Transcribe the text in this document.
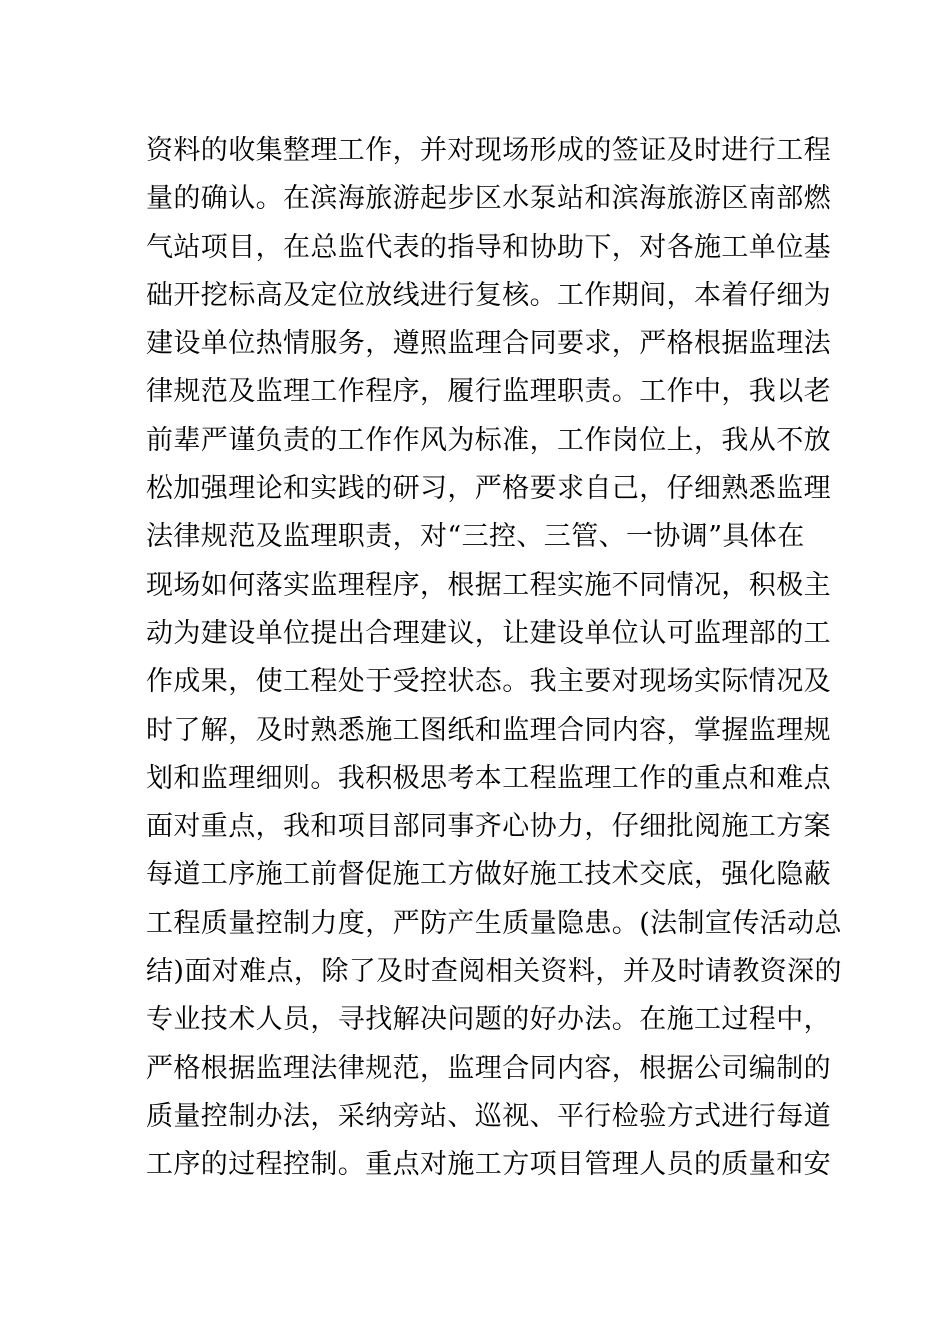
资料的收集整理工作，并对现场形成的签证及时进行工程
量的确认。在滨海旅游起步区水泵站和滨海旅游区南部燃
气站项目，在总监代表的指导和协助下，对各施工单位基
础开挖标高及定位放线进行复核。工作期间，本着仔细为
建设单位热情服务，遵照监理合同要求，严格根据监理法
律规范及监理工作程序，履行监理职责。工作中，我以老
前辈严谨负责的工作作风为标准，工作岗位上，我从不放
松加强理论和实践的研习，严格要求自己，仔细熟悉监理
法律规范及监理职责，对“三控、三管、一协调”具体在
现场如何落实监理程序，根据工程实施不同情况，积极主
动为建设单位提出合理建议，让建设单位认可监理部的工
作成果，使工程处于受控状态。我主要对现场实际情况及
时了解，及时熟悉施工图纸和监理合同内容，掌握监理规
划和监理细则。我积极思考本工程监理工作的重点和难点
面对重点，我和项目部同事齐心协力，仔细批阅施工方案
每道工序施工前督促施工方做好施工技术交底，强化隐蔽
工程质量控制力度，严防产生质量隐患。(法制宣传活动总
结)面对难点，除了及时查阅相关资料，并及时请教资深的
专业技术人员，寻找解决问题的好办法。在施工过程中，
严格根据监理法律规范，监理合同内容，根据公司编制的
质量控制办法，采纳旁站、巡视、平行检验方式进行每道
工序的过程控制。重点对施工方项目管理人员的质量和安
